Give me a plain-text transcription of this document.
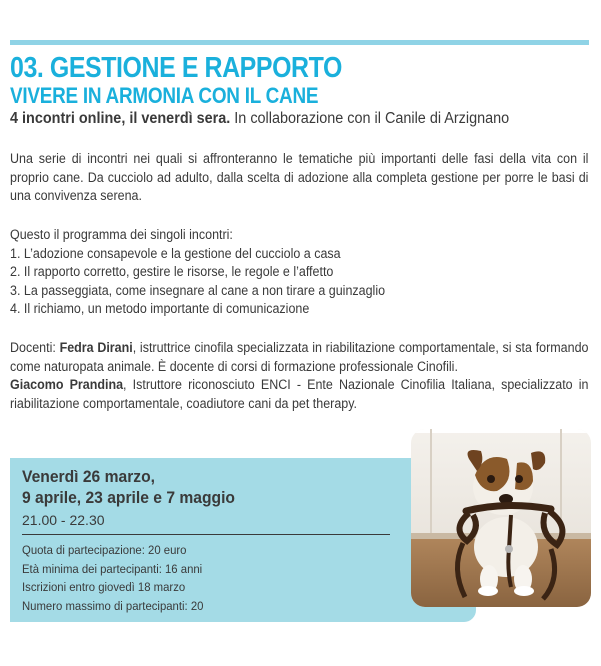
03. GESTIONE E RAPPORTO
VIVERE IN ARMONIA CON IL CANE
4 incontri online, il venerdì sera. In collaborazione con il Canile di Arzignano

Una serie di incontri nei quali si affronteranno le tematiche più importanti delle fasi della vita con il proprio cane. Da cucciolo ad adulto, dalla scelta di adozione alla completa gestione per porre le basi di una convivenza serena.

Questo il programma dei singoli incontri:

1. L’adozione consapevole e la gestione del cucciolo a casa
2. Il rapporto corretto, gestire le risorse, le regole e l’affetto
3. La passeggiata, come insegnare al cane a non tirare a guinzaglio
4. Il richiamo, un metodo importante di comunicazione

Docenti: Fedra Dirani, istruttrice cinofila specializzata in riabilitazione comportamentale, si sta formando come naturopata animale. È docente di corsi di formazione professionale Cinofili.

Giacomo Prandina, Istruttore riconosciuto ENCI - Ente Nazionale Cinofilia Italiana, specializzato in riabilitazione comportamentale, coadiutore cani da pet therapy.

Venerdì 26 marzo,
9 aprile, 23 aprile e 7 maggio
21.00 - 22.30
Quota di partecipazione: 20 euro
Età minima dei partecipanti: 16 anni
Iscrizioni entro giovedì 18 marzo
Numero massimo di partecipanti: 20
